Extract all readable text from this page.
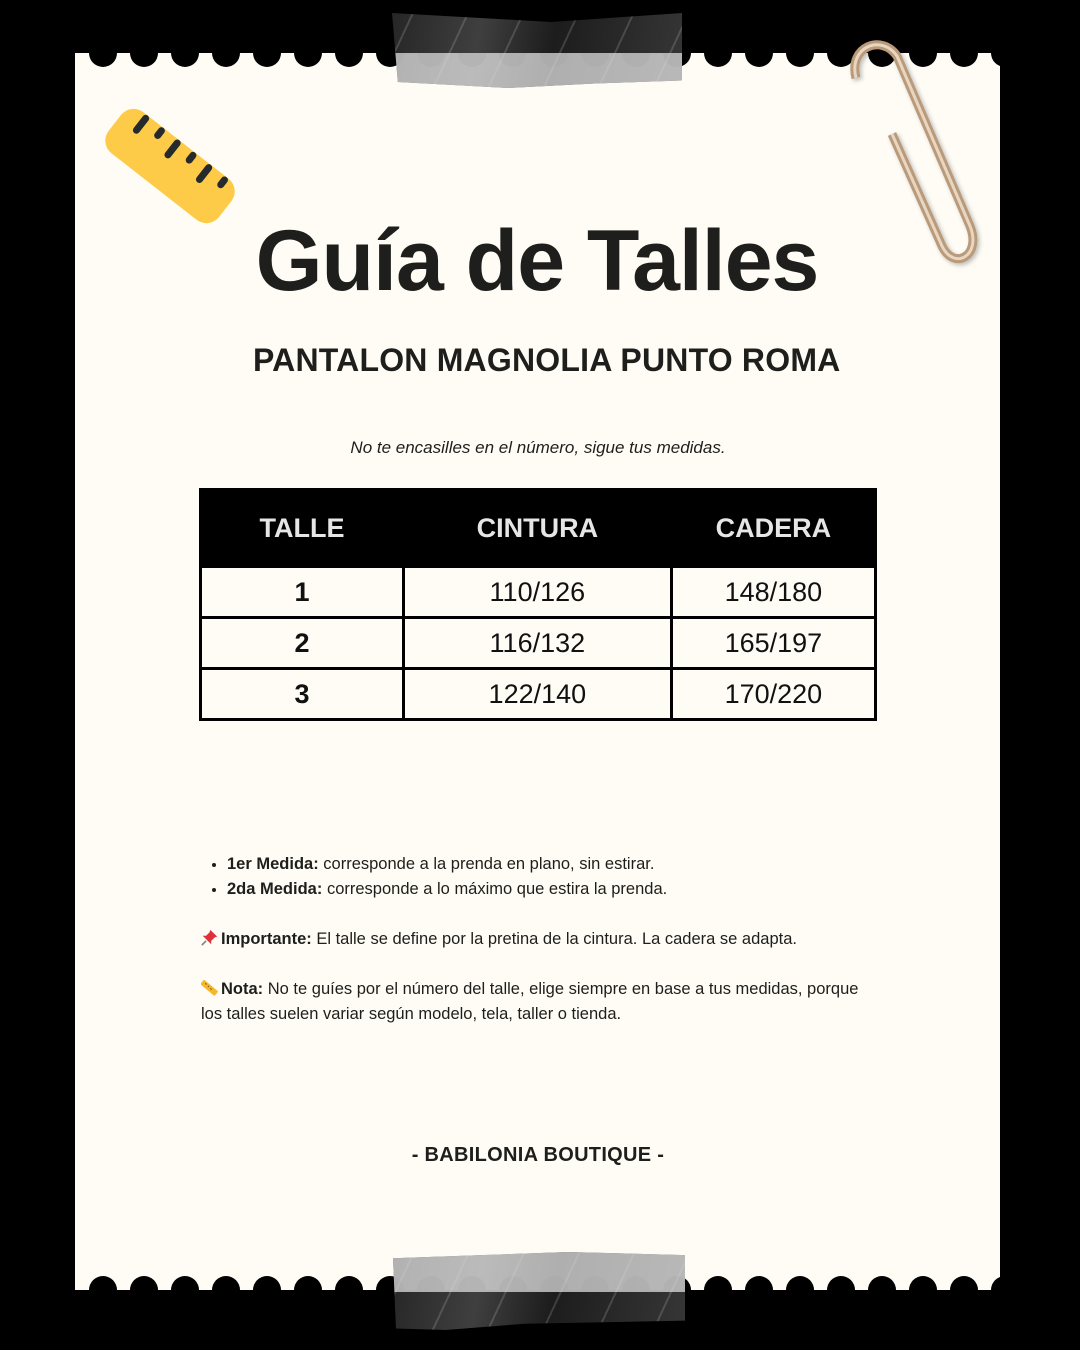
Guía de Talles
PANTALON MAGNOLIA PUNTO ROMA
No te encasilles en el número, sigue tus medidas.
TALLE	CINTURA	CADERA
1	110/126	148/180
2	116/132	165/197
3	122/140	170/220
• 1er Medida: corresponde a la prenda en plano, sin estirar.
• 2da Medida: corresponde a lo máximo que estira la prenda.

Importante: El talle se define por la pretina de la cintura. La cadera se adapta.

Nota: No te guíes por el número del talle, elige siempre en base a tus medidas, porque los talles suelen variar según modelo, tela, taller o tienda.

- BABILONIA BOUTIQUE -
